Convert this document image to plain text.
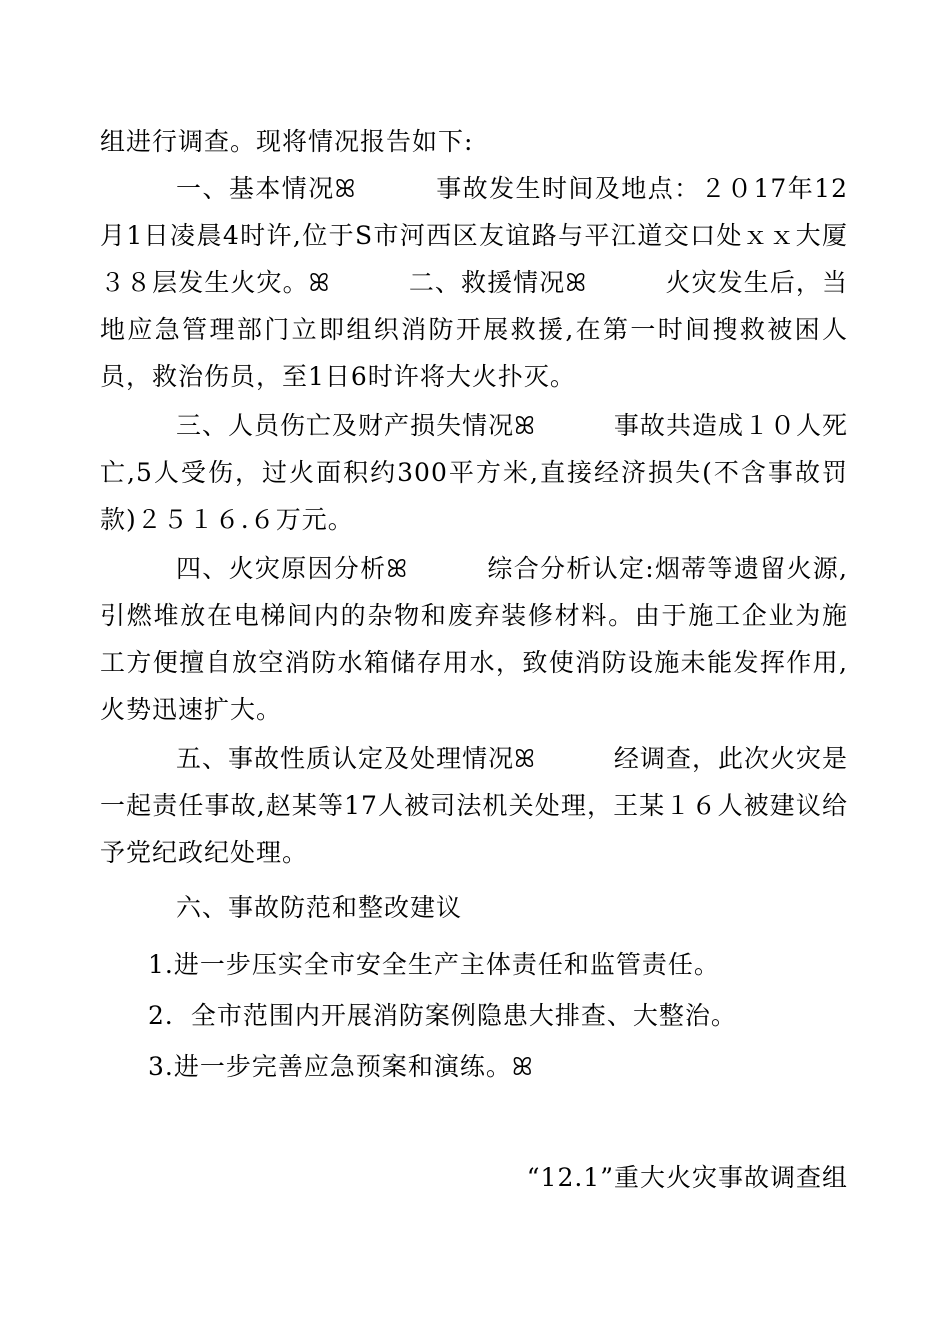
组进行调查。现将情况报告如下:

一、基本情况ꕤ　　　事故发生时间及地点：２０17年12月1日凌晨4时许,位于S市河西区友谊路与平江道交口处ｘｘ大厦３８层发生火灾。ꕤ　　　二、救援情况ꕤ　　　火灾发生后，当地应急管理部门立即组织消防开展救援,在第一时间搜救被困人员，救治伤员，至1日6时许将大火扑灭。

三、人员伤亡及财产损失情况ꕤ　　　事故共造成１０人死亡,5人受伤，过火面积约300平方米,直接经济损失(不含事故罚款)２５１６.６万元。

四、火灾原因分析ꕤ　　　综合分析认定:烟蒂等遗留火源,引燃堆放在电梯间内的杂物和废弃装修材料。由于施工企业为施工方便擅自放空消防水箱储存用水，致使消防设施未能发挥作用,火势迅速扩大。

五、事故性质认定及处理情况ꕤ　　　经调查，此次火灾是一起责任事故,赵某等17人被司法机关处理，王某１６人被建议给予党纪政纪处理。

六、事故防范和整改建议

1.进一步压实全市安全生产主体责任和监管责任。

2．全市范围内开展消防案例隐患大排查、大整治。

3.进一步完善应急预案和演练。ꕤ

“12.1”重大火灾事故调查组
